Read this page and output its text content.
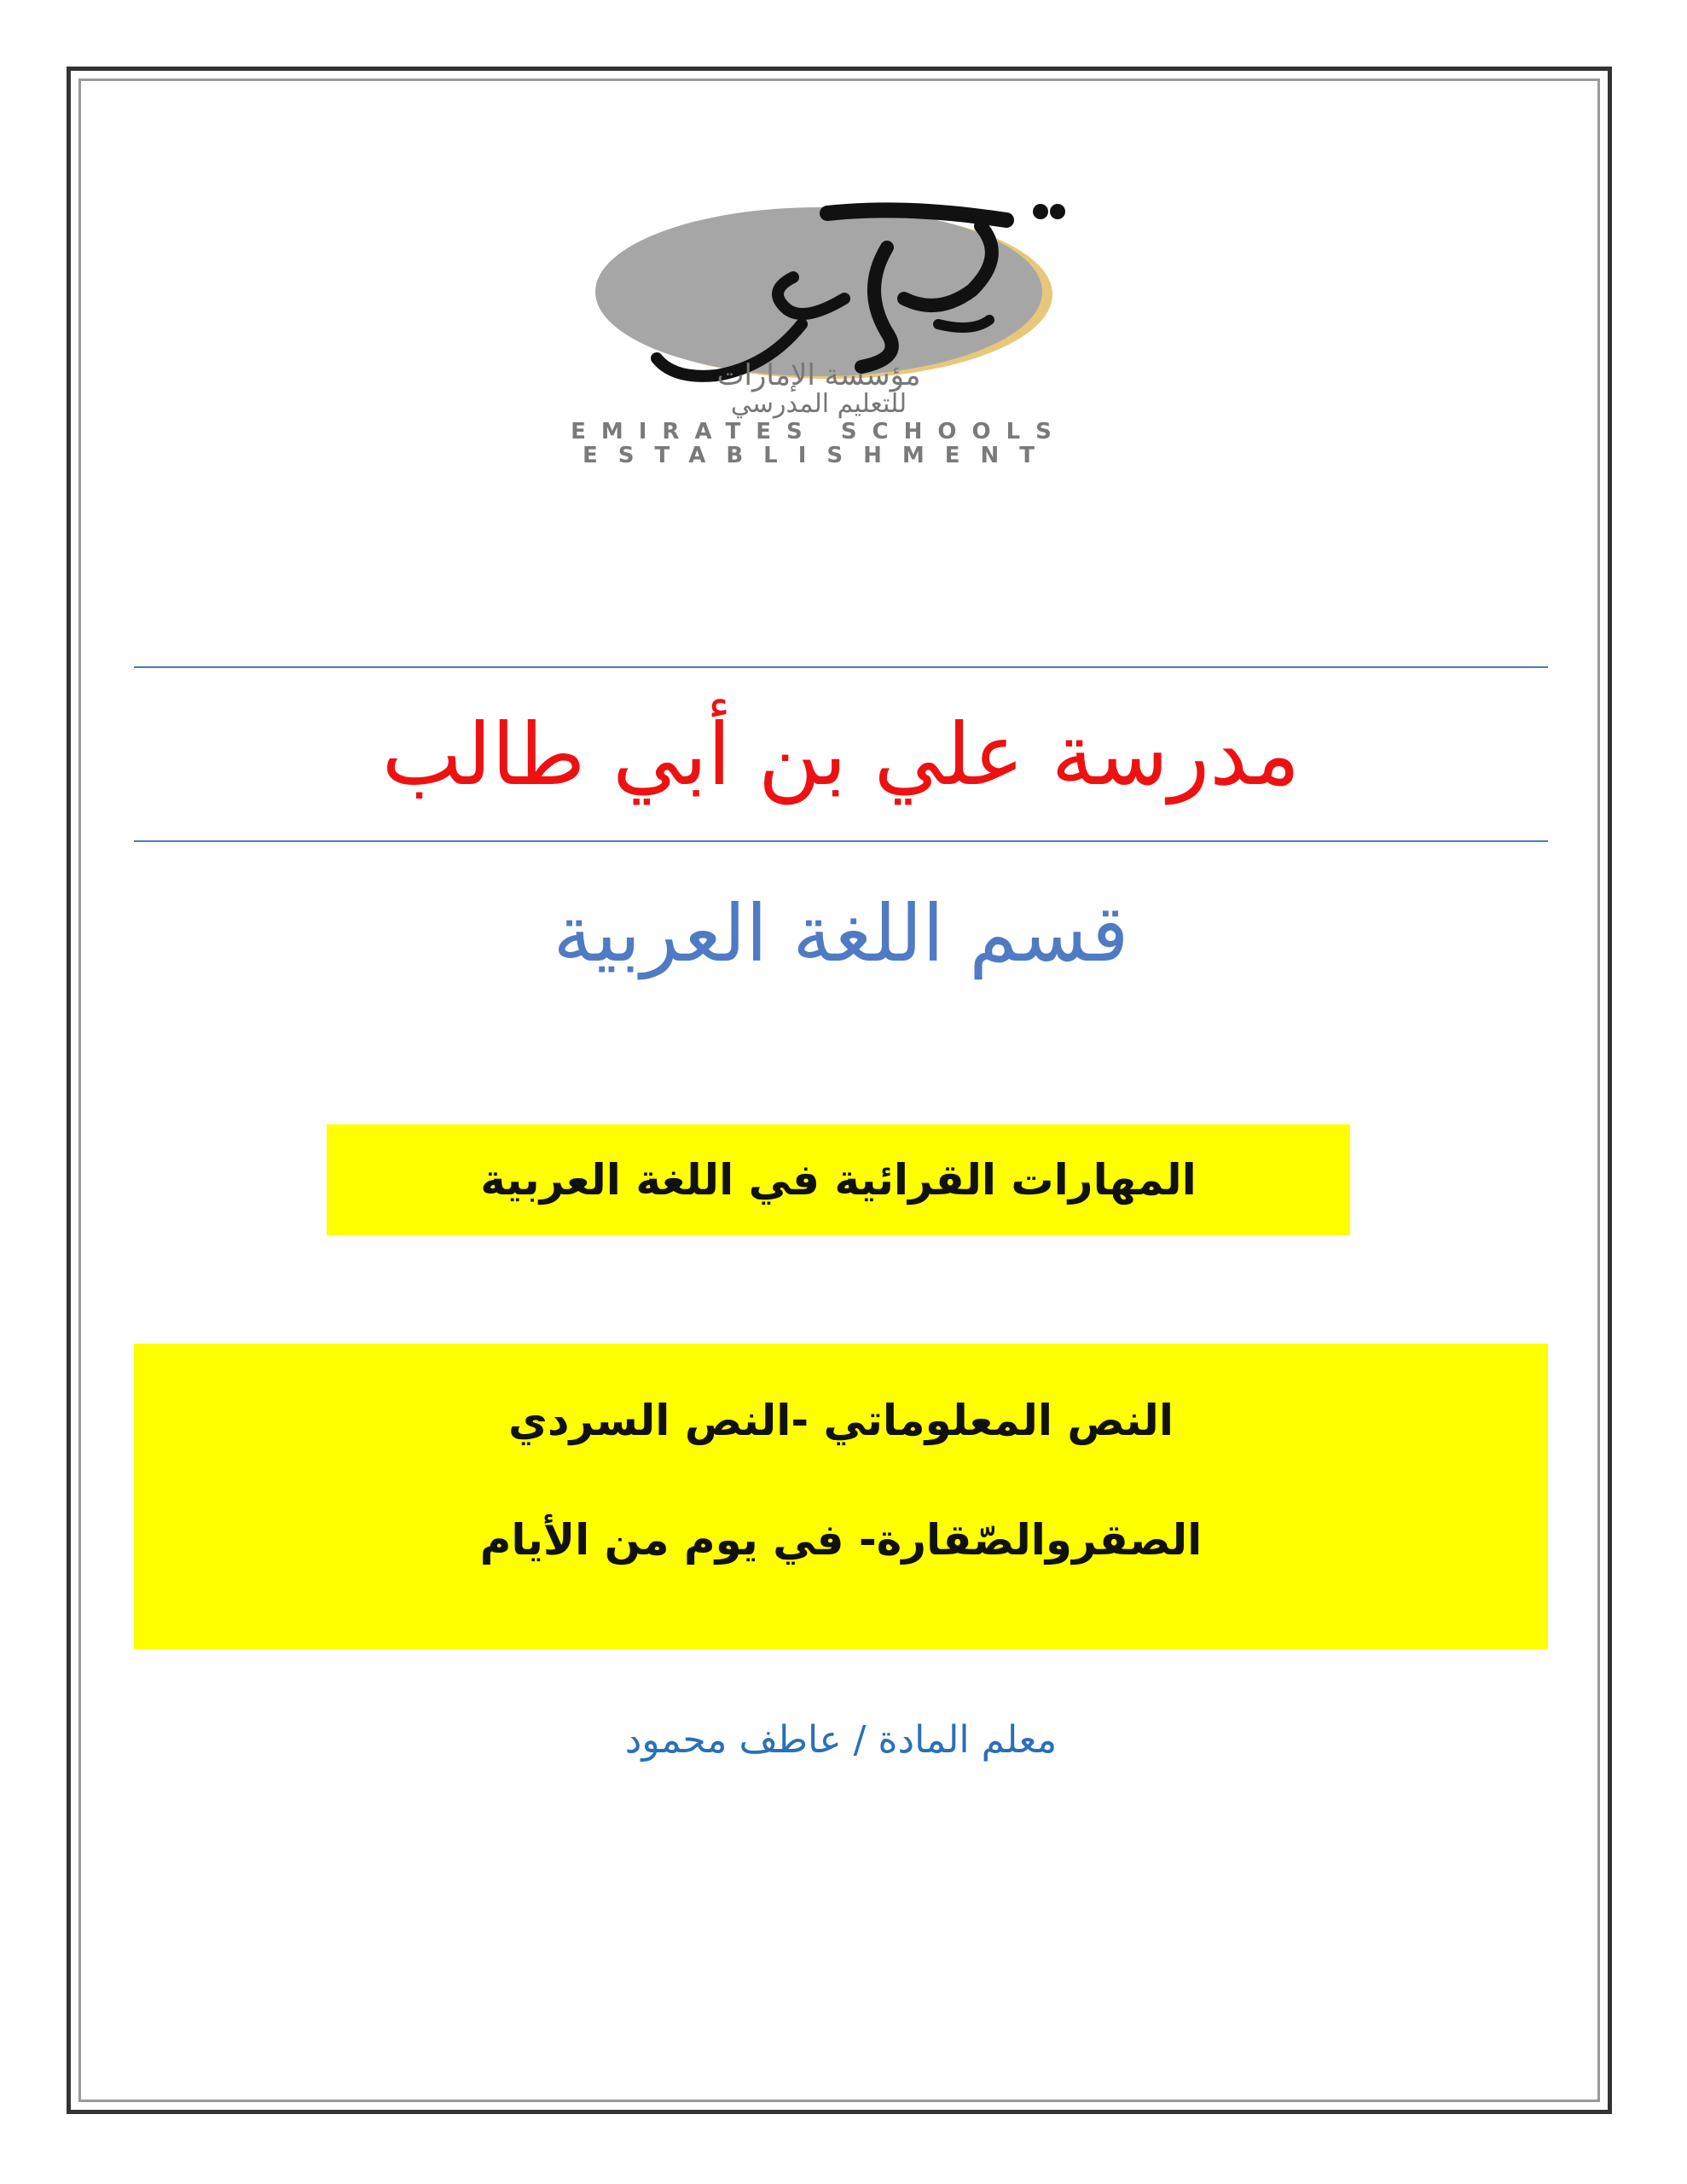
مؤسسة الإمارات
للتعليم المدرسي
EMIRATES SCHOOLS
ESTABLISHMENT
مدرسة علي بن أبي طالب
قسم اللغة العربية
المهارات القرائية في اللغة العربية
النص المعلوماتي -النص السردي
الصقروالصّقارة- في يوم من الأيام
معلم المادة / عاطف محمود
